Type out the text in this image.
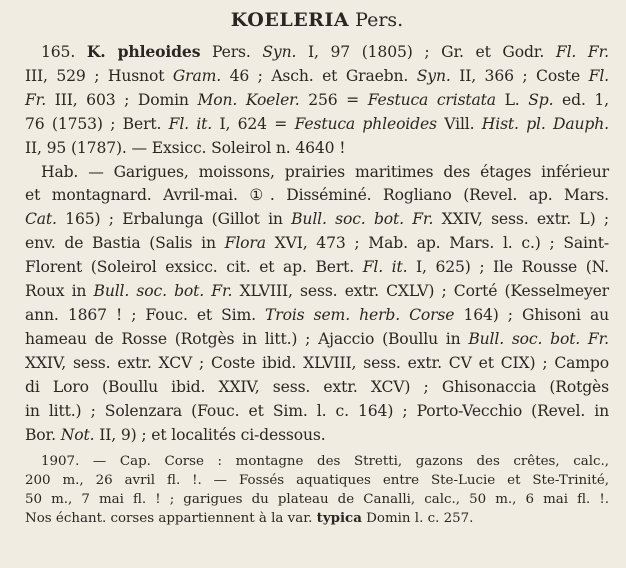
KOELERIA Pers.
165. K. phleoides Pers. Syn. I, 97 (1805) ; Gr. et Godr. Fl. Fr.
III, 529 ; Husnot Gram. 46 ; Asch. et Graebn. Syn. II, 366 ; Coste Fl.
Fr. III, 603 ; Domin Mon. Koeler. 256 = Festuca cristata L. Sp. ed. 1,
76 (1753) ; Bert. Fl. it. I, 624 = Festuca phleoides Vill. Hist. pl. Dauph.
II, 95 (1787). — Exsicc. Soleirol n. 4640 !
Hab. — Garigues, moissons, prairies maritimes des étages inférieur
et montagnard. Avril-mai. ①. Disséminé. Rogliano (Revel. ap. Mars.
Cat. 165) ; Erbalunga (Gillot in Bull. soc. bot. Fr. XXIV, sess. extr. L) ;
env. de Bastia (Salis in Flora XVI, 473 ; Mab. ap. Mars. l. c.) ; Saint-
Florent (Soleirol exsicc. cit. et ap. Bert. Fl. it. I, 625) ; Ile Rousse (N.
Roux in Bull. soc. bot. Fr. XLVIII, sess. extr. CXLV) ; Corté (Kesselmeyer
ann. 1867 ! ; Fouc. et Sim. Trois sem. herb. Corse 164) ; Ghisoni au
hameau de Rosse (Rotgès in litt.) ; Ajaccio (Boullu in Bull. soc. bot. Fr.
XXIV, sess. extr. XCV ; Coste ibid. XLVIII, sess. extr. CV et CIX) ; Campo
di Loro (Boullu ibid. XXIV, sess. extr. XCV) ; Ghisonaccia (Rotgès
in litt.) ; Solenzara (Fouc. et Sim. l. c. 164) ; Porto-Vecchio (Revel. in
Bor. Not. II, 9) ; et localités ci-dessous.
1907. — Cap. Corse : montagne des Stretti, gazons des crêtes, calc.,
200 m., 26 avril fl. !. — Fossés aquatiques entre Ste-Lucie et Ste-Trinité,
50 m., 7 mai fl. ! ; garigues du plateau de Canalli, calc., 50 m., 6 mai fl. !.
Nos échant. corses appartiennent à la var. typica Domin l. c. 257.
